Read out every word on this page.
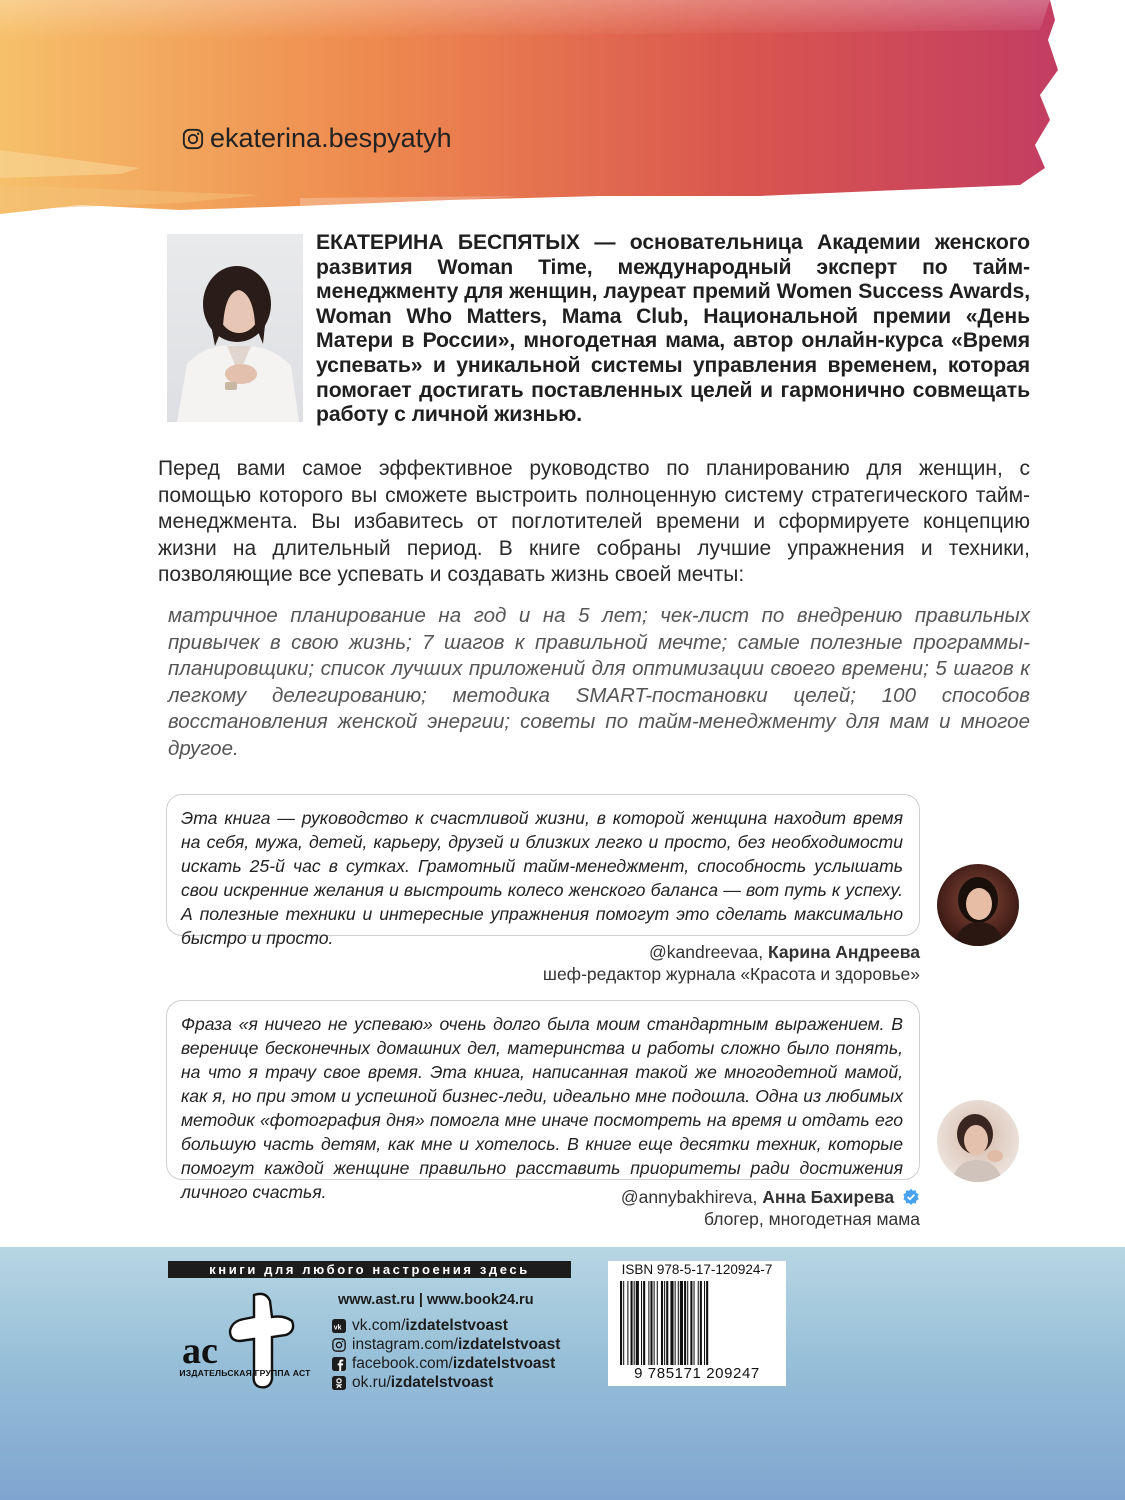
ekaterina.bespyatyh
ЕКАТЕРИНА БЕСПЯТЫХ — основательница Академии женского развития Woman Time, международный эксперт по тайм-менеджменту для женщин, лауреат премий Women Success Awards, Woman Who Matters, Mama Club, Национальной премии «День Матери в России», многодетная мама, автор онлайн-курса «Время успевать» и уникальной системы управления временем, которая помогает достигать поставленных целей и гармонично совмещать работу с личной жизнью.
Перед вами самое эффективное руководство по планированию для женщин, с помощью которого вы сможете выстроить полноценную систему стратегического тайм-менеджмента. Вы избавитесь от поглотителей времени и сформируете концепцию жизни на длительный период. В книге собраны лучшие упражнения и техники, позволяющие все успевать и создавать жизнь своей мечты:
матричное планирование на год и на 5 лет; чек-лист по внедрению правильных привычек в свою жизнь; 7 шагов к правильной мечте; самые полезные программы-планировщики; список лучших приложений для оптимизации своего времени; 5 шагов к легкому делегированию; методика SMART-постановки целей; 100 способов восстановления женской энергии; советы по тайм-менеджменту для мам и многое другое.
Эта книга — руководство к счастливой жизни, в которой женщина находит время на себя, мужа, детей, карьеру, друзей и близких легко и просто, без необходимости искать 25-й час в сутках. Грамотный тайм-менеджмент, способность услышать свои искренние желания и выстроить колесо женского баланса — вот путь к успеху. А полезные техники и интересные упражнения помогут это сделать максимально быстро и просто.
@kandreevaa, Карина Андреева
шеф-редактор журнала «Красота и здоровье»
Фраза «я ничего не успеваю» очень долго была моим стандартным выражением. В веренице бесконечных домашних дел, материнства и работы сложно было понять, на что я трачу свое время. Эта книга, написанная такой же многодетной мамой, как я, но при этом и успешной бизнес-леди, идеально мне подошла. Одна из любимых методик «фотография дня» помогла мне иначе посмотреть на время и отдать его большую часть детям, как мне и хотелось. В книге еще десятки техник, которые помогут каждой женщине правильно расставить приоритеты ради достижения личного счастья.	@annybakhireva, Анна Бахирева
блогер, многодетная мама
книги для любого настроения здесь
ac
ИЗДАТЕЛЬСКАЯ ГРУППА АСТ
www.ast.ru | www.book24.ru
vk vk.com/izdatelstvoast
instagram.com/izdatelstvoast
facebook.com/izdatelstvoast
ok.ru/izdatelstvoast
ISBN 978-5-17-120924-7
9 785171 209247
